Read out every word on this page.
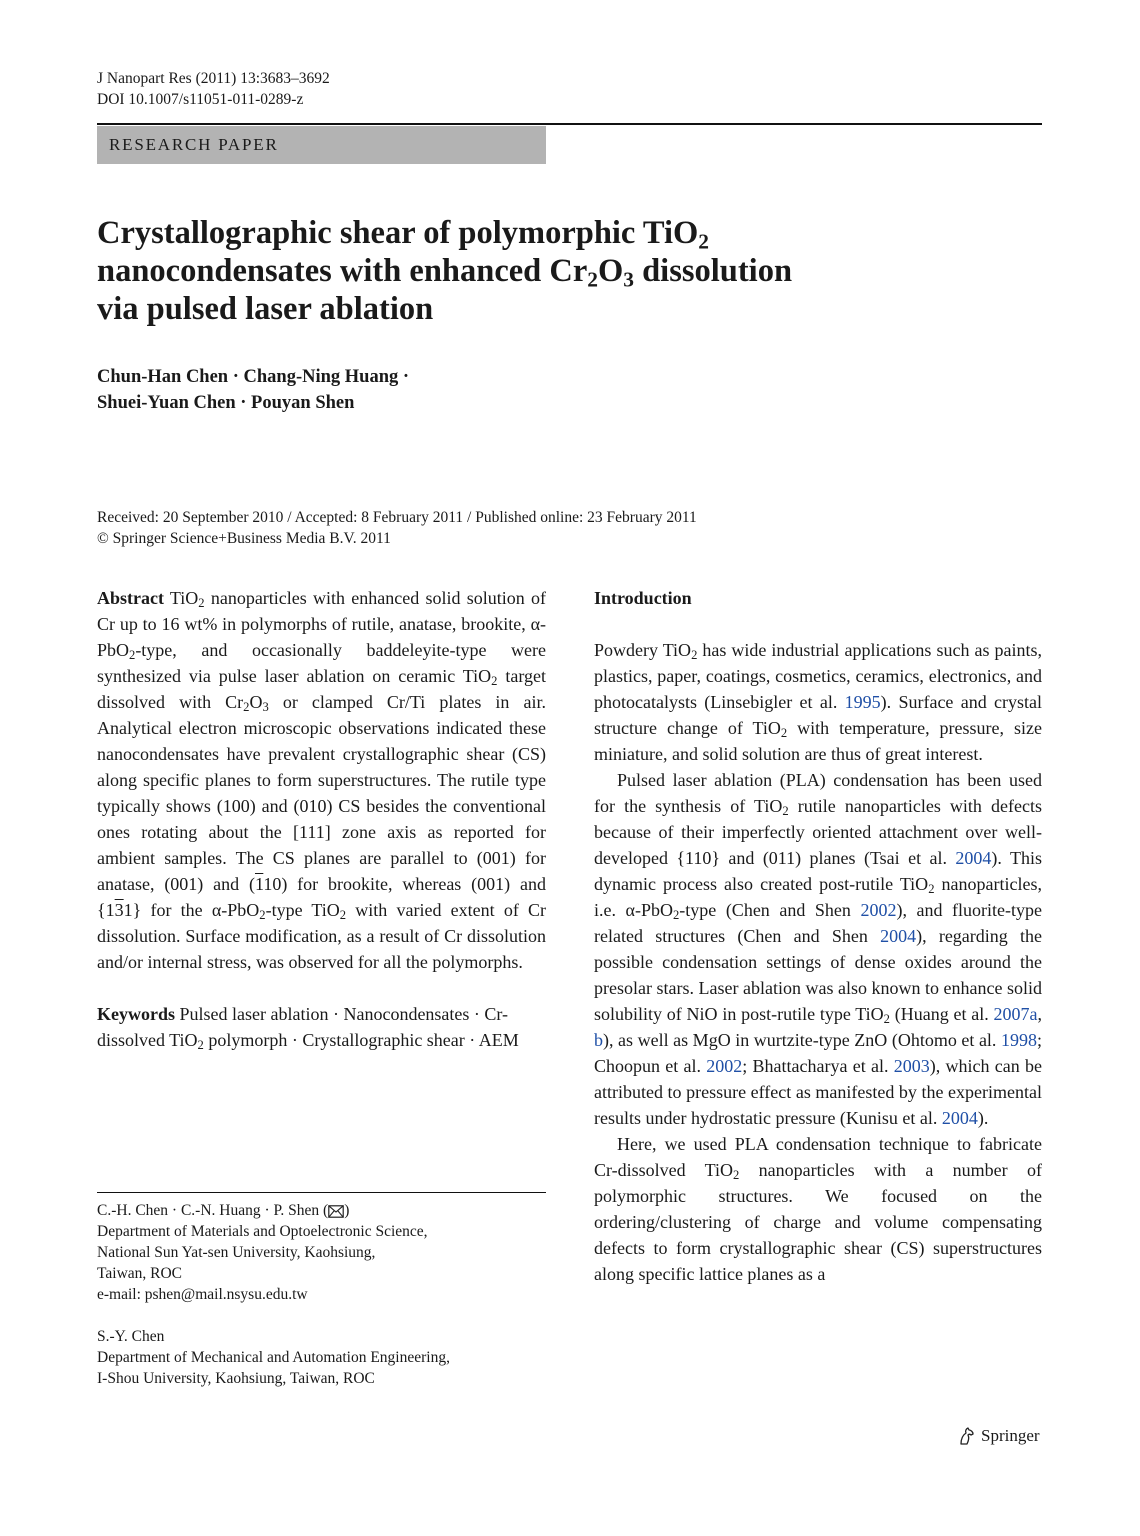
J Nanopart Res (2011) 13:3683–3692
DOI 10.1007/s11051-011-0289-z
RESEARCH PAPER
Crystallographic shear of polymorphic TiO$_2$
nanocondensates with enhanced $Cr_2O_3$ dissolution
via pulsed laser ablation
Chun-Han Chen · Chang-Ning Huang ·
Shuei-Yuan Chen · Pouyan Shen
Received: 20 September 2010 / Accepted: 8 February 2011 / Published online: 23 February 2011
© Springer Science+Business Media B.V. 2011

Abstract TiO$_2$ nanoparticles with enhanced solid solution of Cr up to 16 wt% in polymorphs of rutile, anatase, brookite, α-PbO$_2$-type, and occasionally baddeleyite-type were synthesized via pulse laser ablation on ceramic TiO$_2$ target dissolved with $Cr_2O_3$ or clamped Cr/Ti plates in air. Analytical electron microscopic observations indicated these nanocondensates have prevalent crystallographic shear (CS) along specific planes to form superstructures. The rutile type typically shows (100) and (010) CS besides the conventional ones rotating about the [111] zone axis as reported for ambient samples. The CS planes are parallel to (001) for anatase, (001) and (110) for brookite, whereas (001) and {131} for the α-PbO$_2$-type TiO$_2$ with varied extent of Cr dissolution. Surface modification, as a result of Cr dissolution and/or internal stress, was observed for all the polymorphs.

Keywords Pulsed laser ablation · Nanocondensates · Cr-dissolved TiO$_2$ polymorph · Crystallographic shear · AEM

C.-H. Chen · C.-N. Huang · P. Shen ( )

Department of Materials and Optoelectronic Science,

National Sun Yat-sen University, Kaohsiung,

Taiwan, ROC

e-mail: pshen@mail.nsysu.edu.tw

S.-Y. Chen

Department of Mechanical and Automation Engineering,

I-Shou University, Kaohsiung, Taiwan, ROC

Introduction

Powdery TiO$_2$ has wide industrial applications such as paints, plastics, paper, coatings, cosmetics, ceramics, electronics, and photocatalysts (Linsebigler et al. 1995). Surface and crystal structure change of TiO$_2$ with temperature, pressure, size miniature, and solid solution are thus of great interest.

Pulsed laser ablation (PLA) condensation has been used for the synthesis of TiO$_2$ rutile nanoparticles with defects because of their imperfectly oriented attachment over well-developed {110} and (011) planes (Tsai et al. 2004). This dynamic process also created post-rutile TiO$_2$ nanoparticles, i.e. α-PbO$_2$-type (Chen and Shen 2002), and fluorite-type related structures (Chen and Shen 2004), regarding the possible condensation settings of dense oxides around the presolar stars. Laser ablation was also known to enhance solid solubility of NiO in post-rutile type TiO$_2$ (Huang et al. 2007a, b), as well as MgO in wurtzite-type ZnO (Ohtomo et al. 1998; Choopun et al. 2002; Bhattacharya et al. 2003), which can be attributed to pressure effect as manifested by the experimental results under hydrostatic pressure (Kunisu et al. 2004).

Here, we used PLA condensation technique to fabricate Cr-dissolved TiO$_2$ nanoparticles with a number of polymorphic structures. We focused on the ordering/clustering of charge and volume compensating defects to form crystallographic shear (CS) superstructures along specific lattice planes as a

Springer
